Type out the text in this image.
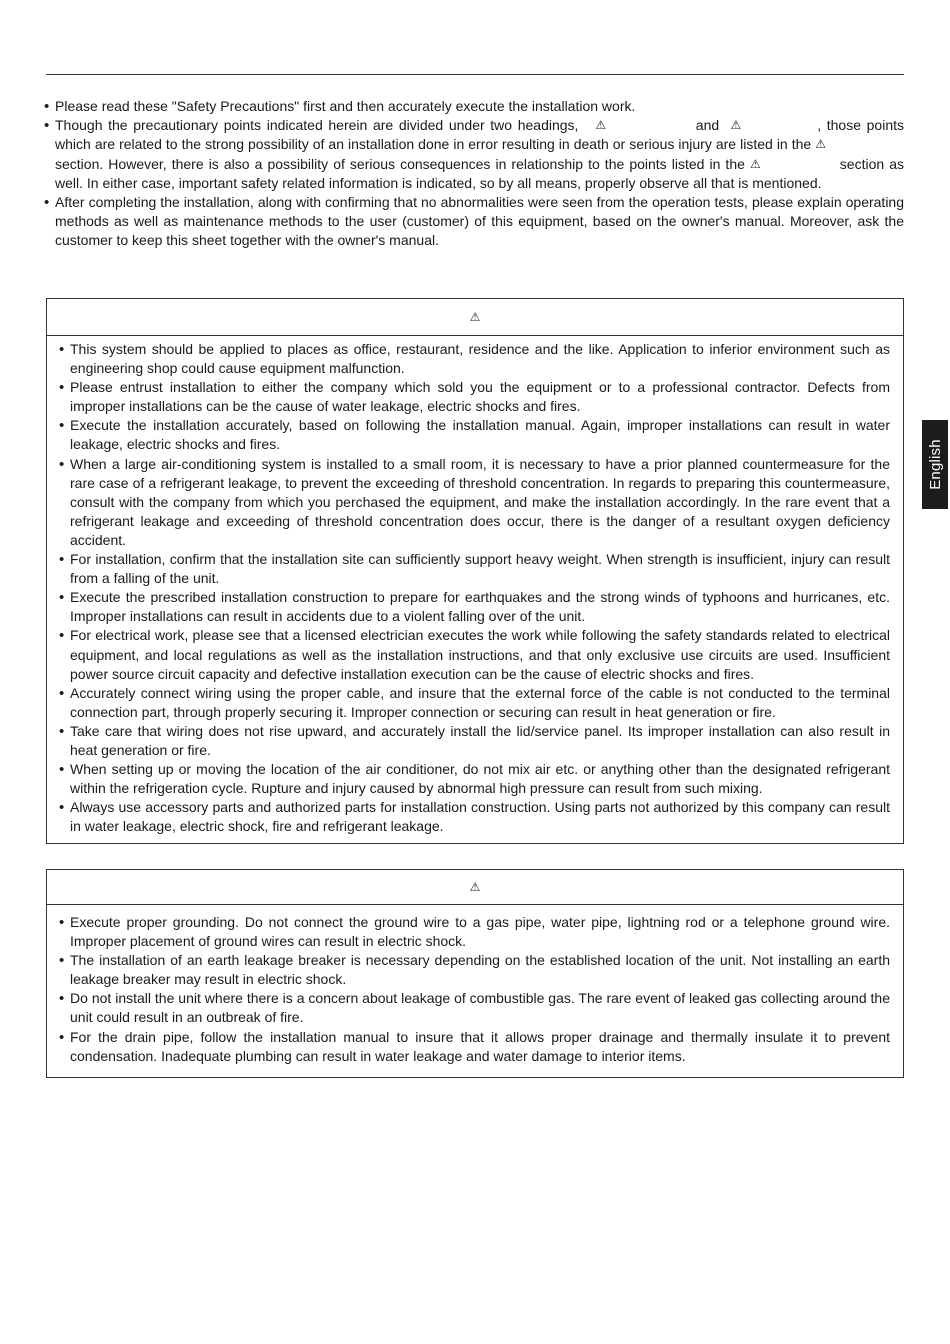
• Please read these "Safety Precautions" first and then accurately execute the installation work.
• Though the precautionary points indicated herein are divided under two headings, ⚠	and ⚠	, those points which are related to the strong possibility of an installation done in error resulting in death or serious injury are listed in the ⚠ section. However, there is also a possibility of serious consequences in relationship to the points listed in the ⚠	section as well. In either case, important safety related information is indicated, so by all means, properly observe all that is mentioned.
• After completing the installation, along with confirming that no abnormalities were seen from the operation tests, please explain operating methods as well as maintenance methods to the user (customer) of this equipment, based on the owner's manual. Moreover, ask the customer to keep this sheet together with the owner's manual.
⚠
• This system should be applied to places as office, restaurant, residence and the like. Application to inferior environment such as engineering shop could cause equipment malfunction.
• Please entrust installation to either the company which sold you the equipment or to a professional contractor. Defects from improper installations can be the cause of water leakage, electric shocks and fires.
• Execute the installation accurately, based on following the installation manual. Again, improper installations can result in water leakage, electric shocks and fires.
• When a large air-conditioning system is installed to a small room, it is necessary to have a prior planned countermeasure for the rare case of a refrigerant leakage, to prevent the exceeding of threshold concentration. In regards to preparing this countermeasure, consult with the company from which you perchased the equipment, and make the installation accordingly. In the rare event that a refrigerant leakage and exceeding of threshold concentration does occur, there is the danger of a resultant oxygen deficiency accident.
• For installation, confirm that the installation site can sufficiently support heavy weight. When strength is insufficient, injury can result from a falling of the unit.
• Execute the prescribed installation construction to prepare for earthquakes and the strong winds of typhoons and hurricanes, etc. Improper installations can result in accidents due to a violent falling over of the unit.
• For electrical work, please see that a licensed electrician executes the work while following the safety standards related to electrical equipment, and local regulations as well as the installation instructions, and that only exclusive use circuits are used. Insufficient power source circuit capacity and defective installation execution can be the cause of electric shocks and fires.
• Accurately connect wiring using the proper cable, and insure that the external force of the cable is not conducted to the terminal connection part, through properly securing it. Improper connection or securing can result in heat generation or fire.
• Take care that wiring does not rise upward, and accurately install the lid/service panel. Its improper installation can also result in heat generation or fire.
• When setting up or moving the location of the air conditioner, do not mix air etc. or anything other than the designated refrigerant within the refrigeration cycle. Rupture and injury caused by abnormal high pressure can result from such mixing.
• Always use accessory parts and authorized parts for installation construction. Using parts not authorized by this company can result in water leakage, electric shock, fire and refrigerant leakage.
⚠
• Execute proper grounding. Do not connect the ground wire to a gas pipe, water pipe, lightning rod or a telephone ground wire. Improper placement of ground wires can result in electric shock.
• The installation of an earth leakage breaker is necessary depending on the established location of the unit. Not installing an earth leakage breaker may result in electric shock.
• Do not install the unit where there is a concern about leakage of combustible gas. The rare event of leaked gas collecting around the unit could result in an outbreak of fire.
• For the drain pipe, follow the installation manual to insure that it allows proper drainage and thermally insulate it to prevent condensation. Inadequate plumbing can result in water leakage and water damage to interior items.
English
